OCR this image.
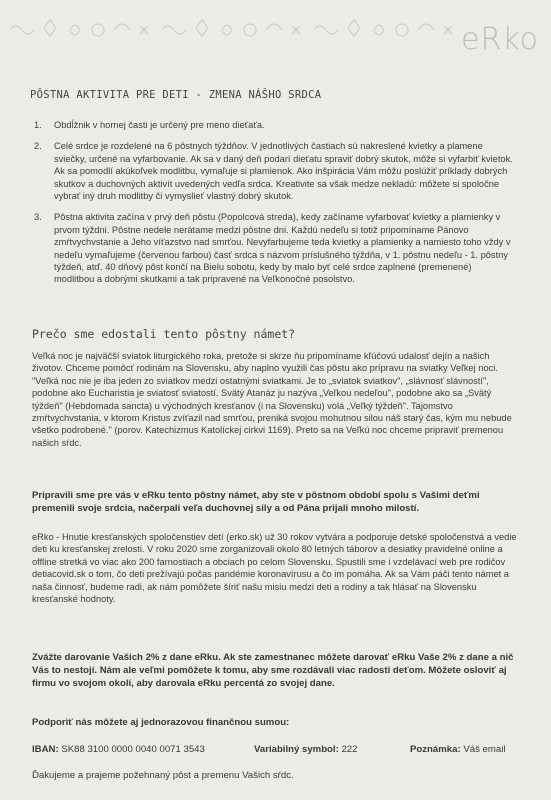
eRko
PÔSTNA AKTIVITA PRE DETI - ZMENA NÁŠHO SRDCA
1. Obdĺžnik v hornej časti je určený pre meno dieťaťa.
2. Celé srdce je rozdelené na 6 pôstnych týždňov. V jednotlivých častiach sú nakreslené kvietky a plamene sviečky, určené na vyfarbovanie. Ak sa v daný deň podarí dieťatu spraviť dobrý skutok, môže si vyfarbiť kvietok. Ak sa pomodlí akúkoľvek modlitbu, vymaľuje si plamienok. Ako inšpirácia Vám môžu poslúžiť príklady dobrých skutkov a duchovných aktivít uvedených vedľa srdca. Kreativite sa však medze nekladú: môžete si spoločne vybrať iný druh modlitby či vymyslieť vlastný dobrý skutok.
3. Pôstna aktivita začína v prvý deň pôstu (Popolcová streda), kedy začíname vyfarbovať kvietky a plamienky v prvom týždni. Pôstne nedele nerátame medzi pôstne dni. Každú nedeľu si totiž pripomíname Pánovo zmŕtvychvstanie a Jeho víťazstvo nad smrťou. Nevyfarbujeme teda kvietky a plamienky a namiesto toho vždy v nedeľu vymaľujeme (červenou farbou) časť srdca s názvom príslušného týždňa, v 1. pôstnu nedeľu - 1. pôstny týždeň, atď. 40 dňový pôst končí na Bielu sobotu, kedy by malo byť celé srdce zaplnené (premenené) modlitbou a dobrými skutkami a tak pripravené na Veľkonočné posolstvo.
Prečo sme edostali tento pôstny námet?
Veľká noc je najväčší sviatok liturgického roka, pretože si skrze ňu pripomíname kľúčovú udalosť dejín a našich životov. Chceme pomôcť rodinám na Slovensku, aby naplno využili čas pôstu ako prípravu na sviatky Veľkej noci. "Veľká noc nie je iba jeden zo sviatkov medzi ostatnými sviatkami. Je to „sviatok sviatkov", „slávnosť slávností", podobne ako Eucharistia je sviatosť sviatostí. Svätý Atanáz ju nazýva „Veľkou nedeľou", podobne ako sa „Svätý týždeň" (Hebdomada sancta) u východných kresťanov (i na Slovensku) volá „Veľký týždeň". Tajomstvo zmŕtvychvstania, v ktorom Kristus zvíťazil nad smrťou, preniká svojou mohutnou silou náš starý čas, kým mu nebude všetko podrobené." (porov. Katechizmus Katolíckej cirkvi 1169). Preto sa na Veľkú noc chceme pripraviť premenou našich sŕdc.
Pripravili sme pre vás v eRku tento pôstny námet, aby ste v pôstnom období spolu s Vašimi deťmi premenili svoje srdcia, načerpali veľa duchovnej sily a od Pána prijali mnoho milostí.
eRko - Hnutie kresťanských spoločenstiev detí (erko.sk) už 30 rokov vytvára a podporuje detské spoločenstvá a vedie deti ku kresťanskej zrelosti. V roku 2020 sme zorganizovali okolo 80 letných táborov a desiatky pravidelné online a offline stretká vo viac ako 200 farnostiach a obciach po celom Slovensku. Spustili sme i vzdelávací web pre rodičov detiacovid.sk o tom, čo deti prežívajú počas pandémie koronavírusu a čo im pomáha. Ak sa Vám páči tento námet a naša činnosť, budeme radi, ak nám pomôžete šíriť našu misiu medzi deti a rodiny a tak hlásať na Slovensku kresťanské hodnoty.
Zvážte darovanie Vašich 2% z dane eRku. Ak ste zamestnanec môžete darovať eRku Vaše 2% z dane a nič Vás to nestojí. Nám ale veľmi pomôžete k tomu, aby sme rozdávali viac radosti deťom. Môžete osloviť aj firmu vo svojom okolí, aby darovala eRku percentá zo svojej dane.
Podporiť nás môžete aj jednorazovou finančnou sumou:
IBAN: SK88 3100 0000 0040 0071 3543	Variabilný symbol: 222	Poznámka: Váš email
Ďakujeme a prajeme požehnaný pôst a premenu Vašich sŕdc.
